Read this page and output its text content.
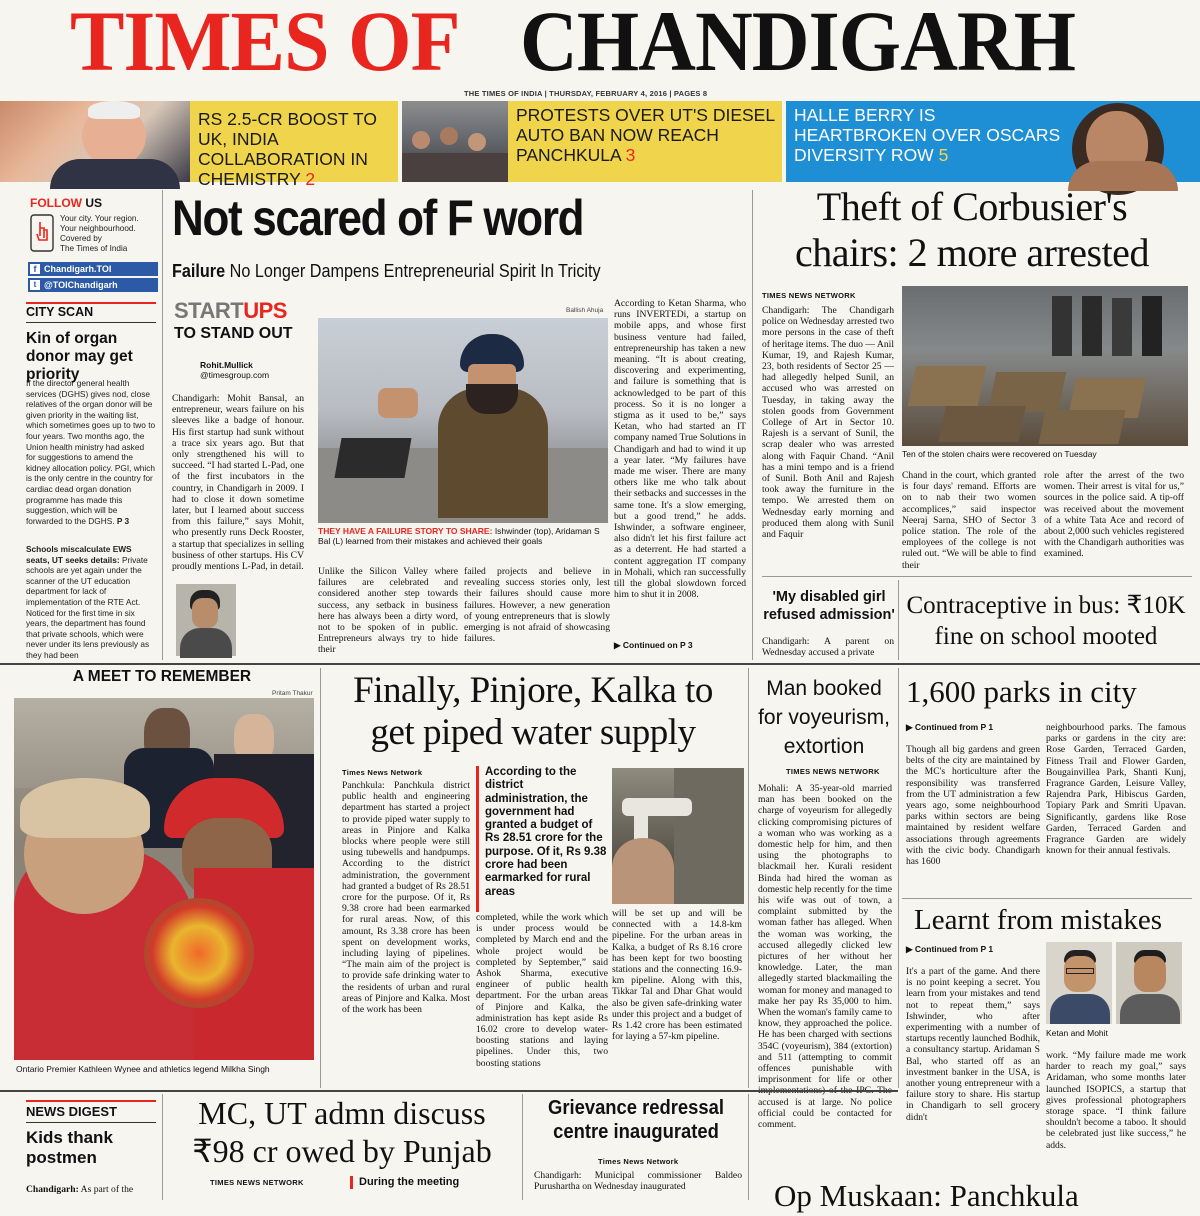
TIMES OF CHANDIGARH
THE TIMES OF INDIA | THURSDAY, FEBRUARY 4, 2016 | PAGES 8
RS 2.5-CR BOOST TO UK, INDIA COLLABORATION IN CHEMISTRY 2
PROTESTS OVER UT'S DIESEL AUTO BAN NOW REACH PANCHKULA 3
HALLE BERRY IS HEARTBROKEN OVER OSCARS DIVERSITY ROW 5
FOLLOW US
Your city. Your region.
Your neighbourhood.
Covered by
The Times of India
f Chandigarh.TOI
t @TOIChandigarh
CITY SCAN
Kin of organ donor may get priority
If the director general health services (DGHS) gives nod, close relatives of the organ donor will be given priority in the waiting list, which sometimes goes up to two to four years. Two months ago, the Union health ministry had asked for suggestions to amend the kidney allocation policy. PGI, which is the only centre in the country for cardiac dead organ donation programme has made this suggestion, which will be forwarded to the DGHS. P 3
Schools miscalculate EWS seats, UT seeks details: Private schools are yet again under the scanner of the UT education department for lack of implementation of the RTE Act. Noticed for the first time in six years, the department has found that private schools, which were never under its lens previously as they had been
Not scared of F word
Failure No Longer Dampens Entrepreneurial Spirit In Tricity
STARTUPS
TO STAND OUT
Rohit.Mullick
@timesgroup.com
Chandigarh: Mohit Bansal, an entrepreneur, wears failure on his sleeves like a badge of honour. His first startup had sunk without a trace six years ago. But that only strengthened his will to succeed. “I had started L-Pad, one of the first incubators in the country, in Chandigarh in 2009. I had to close it down sometime later, but I learned about success from this failure,” says Mohit, who presently runs Deck Rooster, a startup that specializes in selling business of other startups. His CV proudly mentions L-Pad, in detail.
Ballish Ahuja
THEY HAVE A FAILURE STORY TO SHARE: Ishwinder (top), Aridaman S Bal (L) learned from their mistakes and achieved their goals
Unlike the Silicon Valley where failures are celebrated and considered another step towards success, any setback in business here has always been a dirty word, not to be spoken of in public. Entrepreneurs always try to hide their
failed projects and believe in revealing success stories only, lest their failures should cause more failures. However, a new generation of young entrepreneurs that is slowly emerging is not afraid of showcasing failures.
According to Ketan Sharma, who runs INVERTEDi, a startup on mobile apps, and whose first business venture had failed, entrepreneurship has taken a new meaning. “It is about creating, discovering and experimenting, and failure is something that is acknowledged to be part of this process. So it is no longer a stigma as it used to be,” says Ketan, who had started an IT company named True Solutions in Chandigarh and had to wind it up a year later. “My failures have made me wiser. There are many others like me who talk about their setbacks and successes in the same tone. It's a slow emerging, but a good trend,” he adds. Ishwinder, a software engineer, also didn't let his first failure act as a deterrent. He had started a content aggregation IT company in Mohali, which ran successfully till the global slowdown forced him to shut it in 2008.
▶ Continued on P 3
Theft of Corbusier's chairs: 2 more arrested
TIMES NEWS NETWORK
Chandigarh: The Chandigarh police on Wednesday arrested two more persons in the case of theft of heritage items. The duo — Anil Kumar, 19, and Rajesh Kumar, 23, both residents of Sector 25 — had allegedly helped Sunil, an accused who was arrested on Tuesday, in taking away the stolen goods from Government College of Art in Sector 10. Rajesh is a servant of Sunil, the scrap dealer who was arrested along with Faquir Chand. “Anil has a mini tempo and is a friend of Sunil. Both Anil and Rajesh took away the furniture in the tempo. We arrested them on Wednesday early morning and produced them along with Sunil and Faquir
Ten of the stolen chairs were recovered on Tuesday
Chand in the court, which granted is four days' remand. Efforts are on to nab their two women accomplices,” said inspector Neeraj Sarna, SHO of Sector 3 police station. The role of the employees of the college is not ruled out. “We will be able to find their
role after the arrest of the two women. Their arrest is vital for us,” sources in the police said. A tip-off was received about the movement of a white Tata Ace and record of about 2,000 such vehicles registered with the Chandigarh authorities was examined.
'My disabled girl refused admission'
Chandigarh: A parent on Wednesday accused a private
Contraceptive in bus: ₹10K fine on school mooted
A MEET TO REMEMBER
Pritam Thakur
Ontario Premier Kathleen Wynee and athletics legend Milkha Singh
Finally, Pinjore, Kalka to get piped water supply
Times News Network
Panchkula: Panchkula district public health and engineering department has started a project to provide piped water supply to areas in Pinjore and Kalka blocks where people were still using tubewells and handpumps. According to the district administration, the government had granted a budget of Rs 28.51 crore for the purpose. Of it, Rs 9.38 crore had been earmarked for rural areas. Now, of this amount, Rs 3.38 crore has been spent on development works, including laying of pipelines. “The main aim of the project is to provide safe drinking water to the residents of urban and rural areas of Pinjore and Kalka. Most of the work has been
According to the district administration, the government had granted a budget of Rs 28.51 crore for the purpose. Of it, Rs 9.38 crore had been earmarked for rural areas
completed, while the work which is under process would be completed by March end and the whole project would be completed by September,” said Ashok Sharma, executive engineer of public health department. For the urban areas of Pinjore and Kalka, the administration has kept aside Rs 16.02 crore to develop water-boosting stations and laying pipelines. Under this, two boosting stations
will be set up and will be connected with a 14.8-km pipeline. For the urban areas in Kalka, a budget of Rs 8.16 crore has been kept for two boosting stations and the connecting 16.9-km pipeline. Along with this, Tikkar Tal and Dhar Ghat would also be given safe-drinking water under this project and a budget of Rs 1.42 crore has been estimated for laying a 57-km pipeline.
Man booked for voyeurism, extortion
TIMES NEWS NETWORK
Mohali: A 35-year-old married man has been booked on the charge of voyeurism for allegedly clicking compromising pictures of a woman who was working as a domestic help for him, and then using the photographs to blackmail her. Kurali resident Binda had hired the woman as domestic help recently for the time his wife was out of town, a complaint submitted by the woman father has alleged. When the woman was working, the accused allegedly clicked lew pictures of her without her knowledge. Later, the man allegedly started blackmailing the woman for money and managed to make her pay Rs 35,000 to him. When the woman's family came to know, they approached the police. He has been charged with sections 354C (voyeurism), 384 (extortion) and 511 (attempting to commit offences punishable with imprisonment for life or other accused is at large. No police official could be contacted for comment.
1,600 parks in city
▶ Continued from P 1
Though all big gardens and green belts of the city are maintained by the MC's horticulture after the responsibility was transferred from the UT administration a few years ago, some neighbourhood parks within sectors are being maintained by resident welfare associations through agreements with the civic body. Chandigarh has 1600
neighbourhood parks. The famous parks or gardens in the city are: Rose Garden, Terraced Garden, Fitness Trail and Flower Garden, Bougainvillea Park, Shanti Kunj, Fragrance Garden, Leisure Valley, Rajendra Park, Hibiscus Garden, Topiary Park and Smriti Upavan. Significantly, gardens like Rose Garden, Terraced Garden and Fragrance Garden are widely known for their annual festivals.
Learnt from mistakes
▶ Continued from P 1
It's a part of the game. And there is no point keeping a secret. You learn from your mistakes and tend not to repeat them,” says Ishwinder, who after experimenting with a number of startups recently launched Bodhik, a consultancy startup. Aridaman S Bal, who started off as an investment banker in the USA, is another young entrepreneur with a failure story to share. His startup in Chandigarh to sell grocery didn't
Ketan and Mohit
work. “My failure made me work harder to reach my goal,” says Aridaman, who some months later launched ISOPICS, a startup that gives professional photographers storage space. “I think failure shouldn't become a taboo. It should be celebrated just like success,” he adds.
NEWS DIGEST
Kids thank postmen
Chandigarh: As part of the
MC, UT admn discuss ₹98 cr owed by Punjab
TIMES NEWS NETWORK	During the meeting
Grievance redressal centre inaugurated
Times News Network
Chandigarh: Municipal commissioner Baldeo Purushartha on Wednesday inaugurated	Op Muskaan: Panchkula
